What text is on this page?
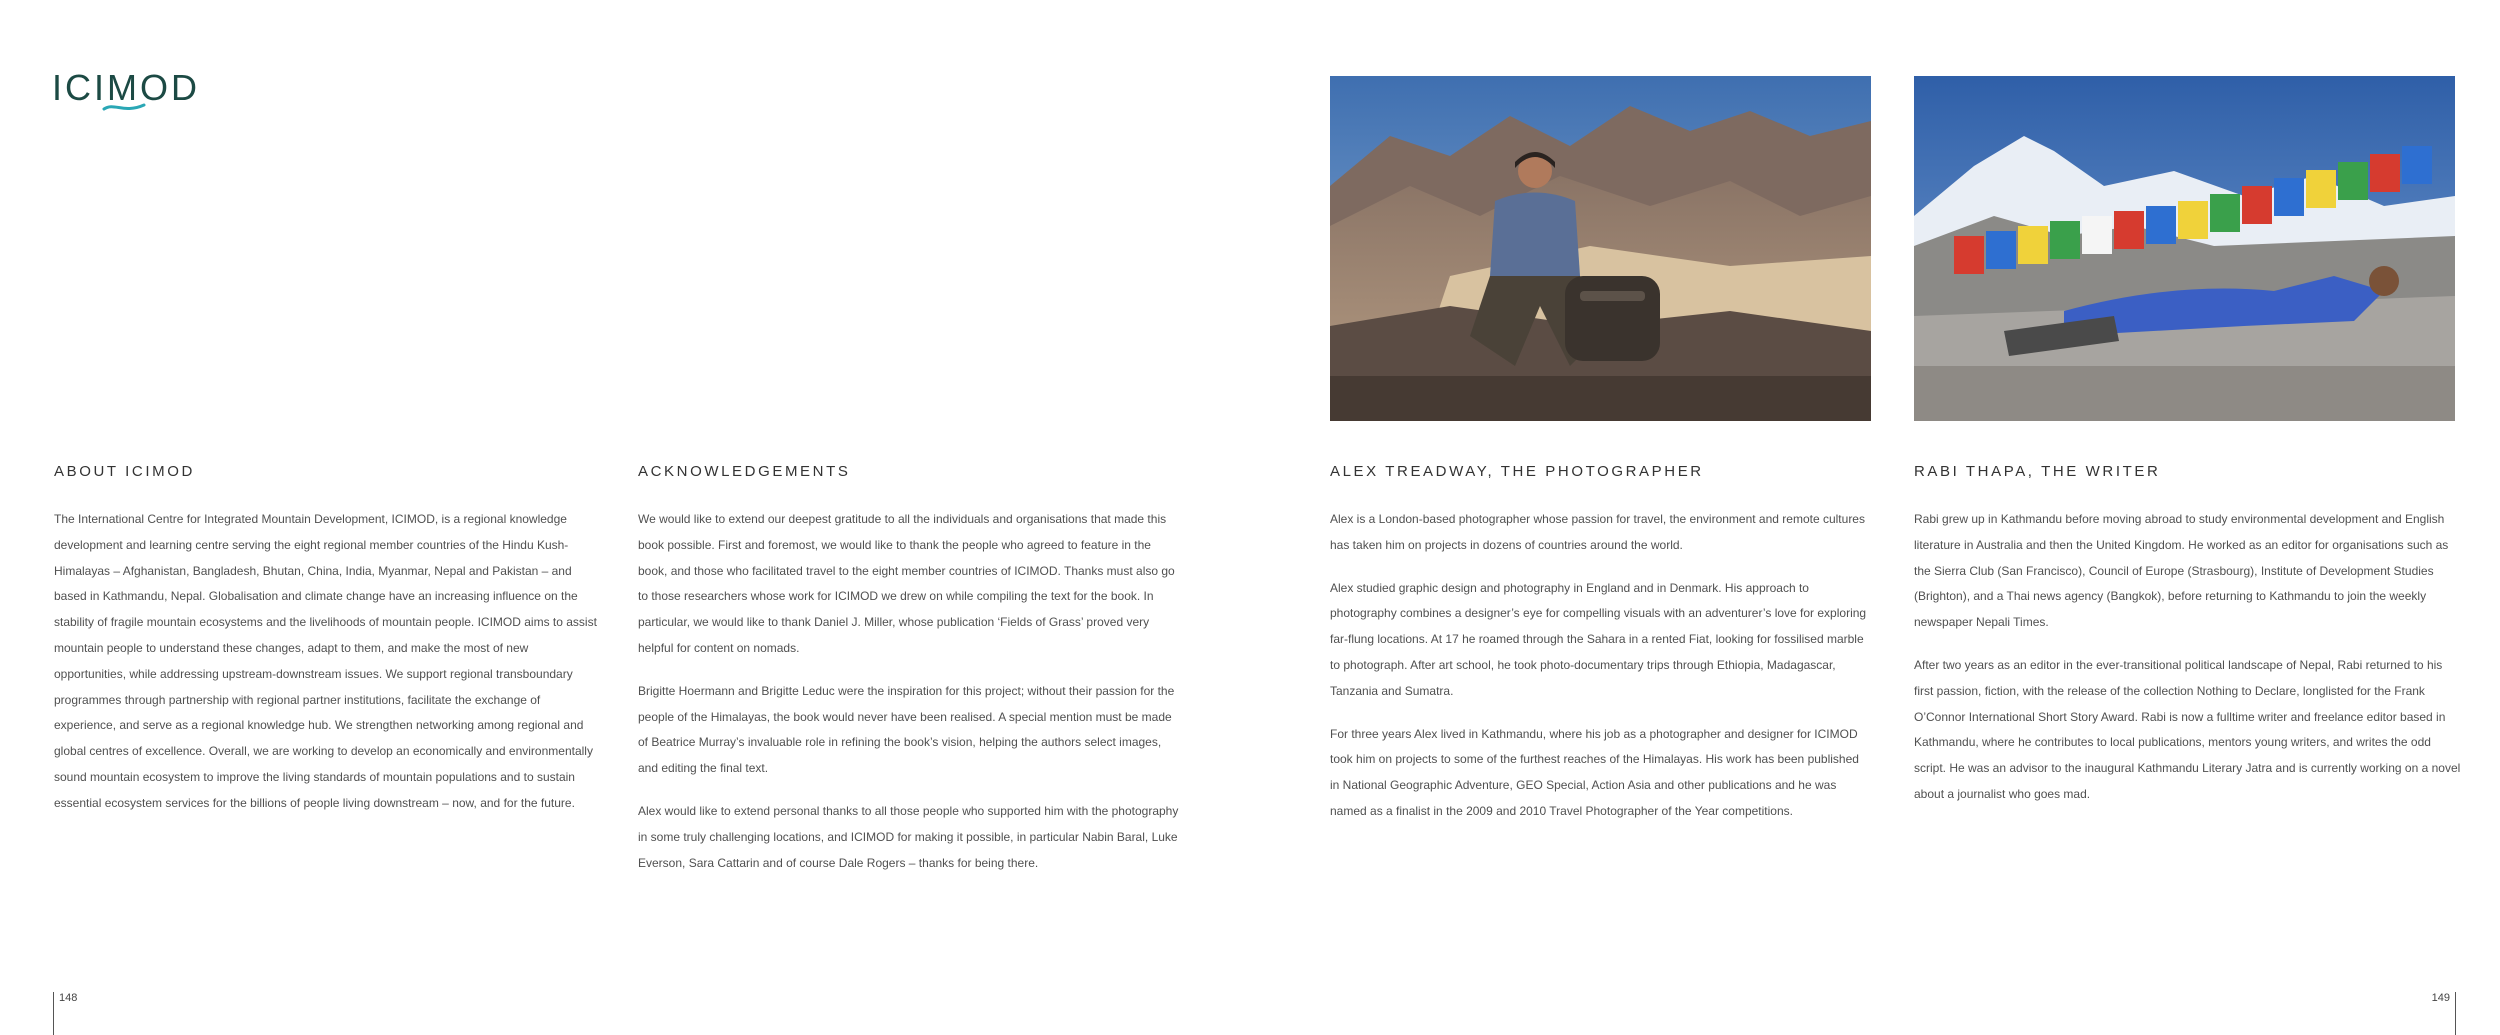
ICIMOD
ABOUT ICIMOD

The International Centre for Integrated Mountain Development, ICIMOD, is a regional knowledge development and learning centre serving the eight regional member countries of the Hindu Kush-Himalayas – Afghanistan, Bangladesh, Bhutan, China, India, Myanmar, Nepal and Pakistan – and based in Kathmandu, Nepal. Globalisation and climate change have an increasing influence on the stability of fragile mountain ecosystems and the livelihoods of mountain people. ICIMOD aims to assist mountain people to understand these changes, adapt to them, and make the most of new opportunities, while addressing upstream-downstream issues. We support regional transboundary programmes through partnership with regional partner institutions, facilitate the exchange of experience, and serve as a regional knowledge hub. We strengthen networking among regional and global centres of excellence. Overall, we are working to develop an economically and environmentally sound mountain ecosystem to improve the living standards of mountain populations and to sustain essential ecosystem services for the billions of people living downstream – now, and for the future.

ACKNOWLEDGEMENTS

We would like to extend our deepest gratitude to all the individuals and organisations that made this book possible. First and foremost, we would like to thank the people who agreed to feature in the book, and those who facilitated travel to the eight member countries of ICIMOD. Thanks must also go to those researchers whose work for ICIMOD we drew on while compiling the text for the book. In particular, we would like to thank Daniel J. Miller, whose publication ‘Fields of Grass’ proved very helpful for content on nomads.

Brigitte Hoermann and Brigitte Leduc were the inspiration for this project; without their passion for the people of the Himalayas, the book would never have been realised. A special mention must be made of Beatrice Murray’s invaluable role in refining the book’s vision, helping the authors select images, and editing the final text.

Alex would like to extend personal thanks to all those people who supported him with the photography in some truly challenging locations, and ICIMOD for making it possible, in particular Nabin Baral, Luke Everson, Sara Cattarin and of course Dale Rogers – thanks for being there.

ALEX TREADWAY, THE PHOTOGRAPHER

Alex is a London-based photographer whose passion for travel, the environment and remote cultures has taken him on projects in dozens of countries around the world.

Alex studied graphic design and photography in England and in Denmark. His approach to photography combines a designer’s eye for compelling visuals with an adventurer’s love for exploring far-flung locations. At 17 he roamed through the Sahara in a rented Fiat, looking for fossilised marble to photograph. After art school, he took photo-documentary trips through Ethiopia, Madagascar, Tanzania and Sumatra.

For three years Alex lived in Kathmandu, where his job as a photographer and designer for ICIMOD took him on projects to some of the furthest reaches of the Himalayas. His work has been published in National Geographic Adventure, GEO Special, Action Asia and other publications and he was named as a finalist in the 2009 and 2010 Travel Photographer of the Year competitions.

RABI THAPA, THE WRITER

Rabi grew up in Kathmandu before moving abroad to study environmental development and English literature in Australia and then the United Kingdom. He worked as an editor for organisations such as the Sierra Club (San Francisco), Council of Europe (Strasbourg), Institute of Development Studies (Brighton), and a Thai news agency (Bangkok), before returning to Kathmandu to join the weekly newspaper Nepali Times.

After two years as an editor in the ever-transitional political landscape of Nepal, Rabi returned to his first passion, fiction, with the release of the collection Nothing to Declare, longlisted for the Frank O’Connor International Short Story Award. Rabi is now a fulltime writer and freelance editor based in Kathmandu, where he contributes to local publications, mentors young writers, and writes the odd script. He was an advisor to the inaugural Kathmandu Literary Jatra and is currently working on a novel about a journalist who goes mad.

148	149
